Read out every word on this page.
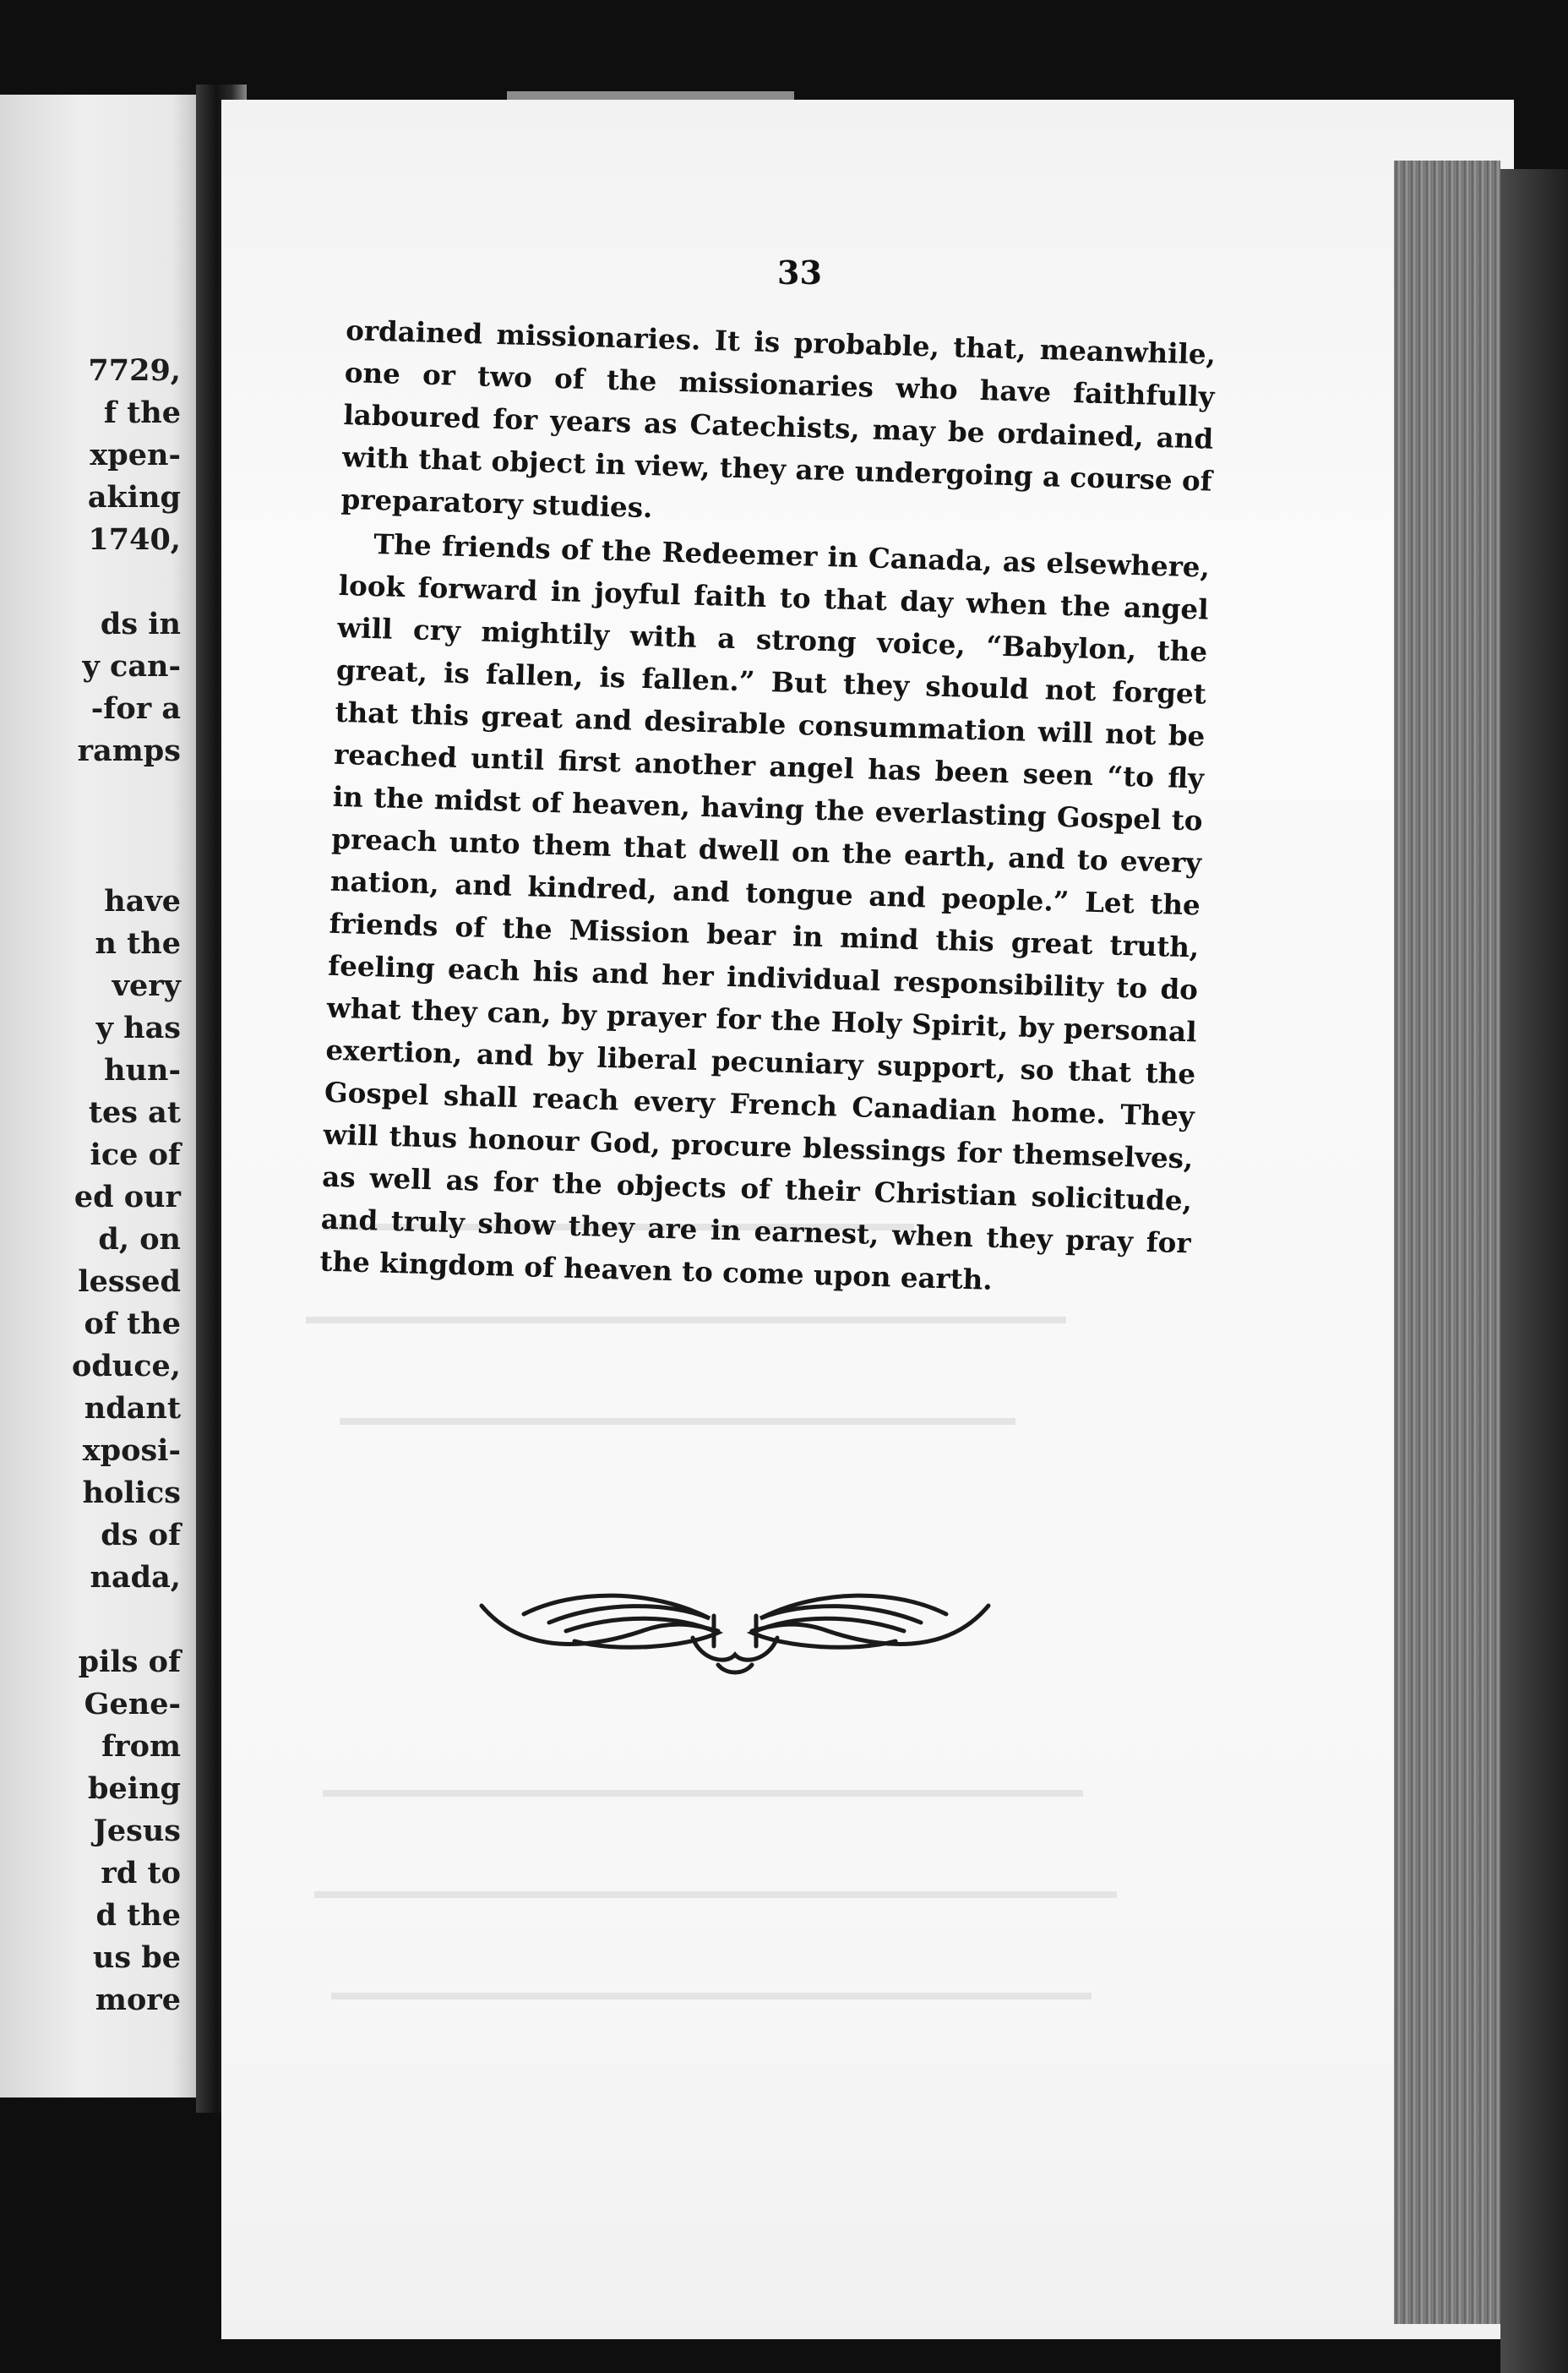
7729,
f the
xpen-
aking
1740,
ds in
y can-
-for a
ramps
have
n the
very
y has
hun-
tes at
ice of
ed our
d, on
lessed
of the
oduce,
ndant
xposi-
holics
ds of
nada,
pils of
Gene-
from
being
Jesus
rd to
d the
us be
more
33

ordained missionaries. It is probable, that, meanwhile, one or two of the missionaries who have faithfully laboured for years as Catechists, may be ordained, and with that object in view, they are undergoing a course of preparatory studies.

The friends of the Redeemer in Canada, as elsewhere, look forward in joyful faith to that day when the angel will cry mightily with a strong voice, “Babylon, the great, is fallen, is fallen.” But they should not forget that this great and desirable consummation will not be reached until first another angel has been seen “to fly in the midst of heaven, having the everlasting Gospel to preach unto them that dwell on the earth, and to every nation, and kindred, and tongue and people.” Let the friends of the Mission bear in mind this great truth, feeling each his and her individual responsibility to do what they can, by prayer for the Holy Spirit, by personal exertion, and by liberal pecuniary support, so that the Gospel shall reach every French Canadian home. They will thus honour God, procure blessings for themselves, as well as for the objects of their Christian solicitude, and truly show they are in earnest, when they pray for the kingdom of heaven to come upon earth.
